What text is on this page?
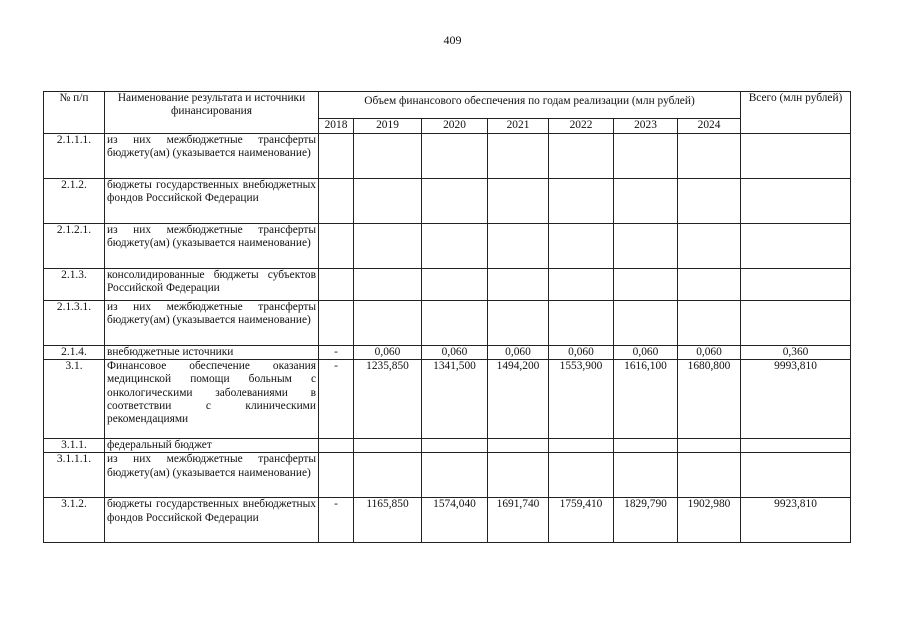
409
№ п/п	Наименование результата и источники финансирования	Объем финансового обеспечения по годам реализации (млн рублей)							Всего (млн рублей)
		2018	2019	2020	2021	2022	2023	2024	
2.1.1.1.	из них межбюджетные трансферты бюджету(ам) (указывается наименование)								
2.1.2.	бюджеты государственных внебюджетных фондов Российской Федерации								
2.1.2.1.	из них межбюджетные трансферты бюджету(ам) (указывается наименование)								
2.1.3.	консолидированные бюджеты субъектов Российской Федерации								
2.1.3.1.	из них межбюджетные трансферты бюджету(ам) (указывается наименование)								
2.1.4.	внебюджетные источники	-	0,060	0,060	0,060	0,060	0,060	0,060	0,360
3.1.	Финансовое обеспечение оказания медицинской помощи больным с онкологическими заболеваниями в соответствии с клиническими рекомендациями	-	1235,850	1341,500	1494,200	1553,900	1616,100	1680,800	9993,810
3.1.1.	федеральный бюджет								
3.1.1.1.	из них межбюджетные трансферты бюджету(ам) (указывается наименование)								
3.1.2.	бюджеты государственных внебюджетных фондов Российской Федерации	-	1165,850	1574,040	1691,740	1759,410	1829,790	1902,980	9923,810
